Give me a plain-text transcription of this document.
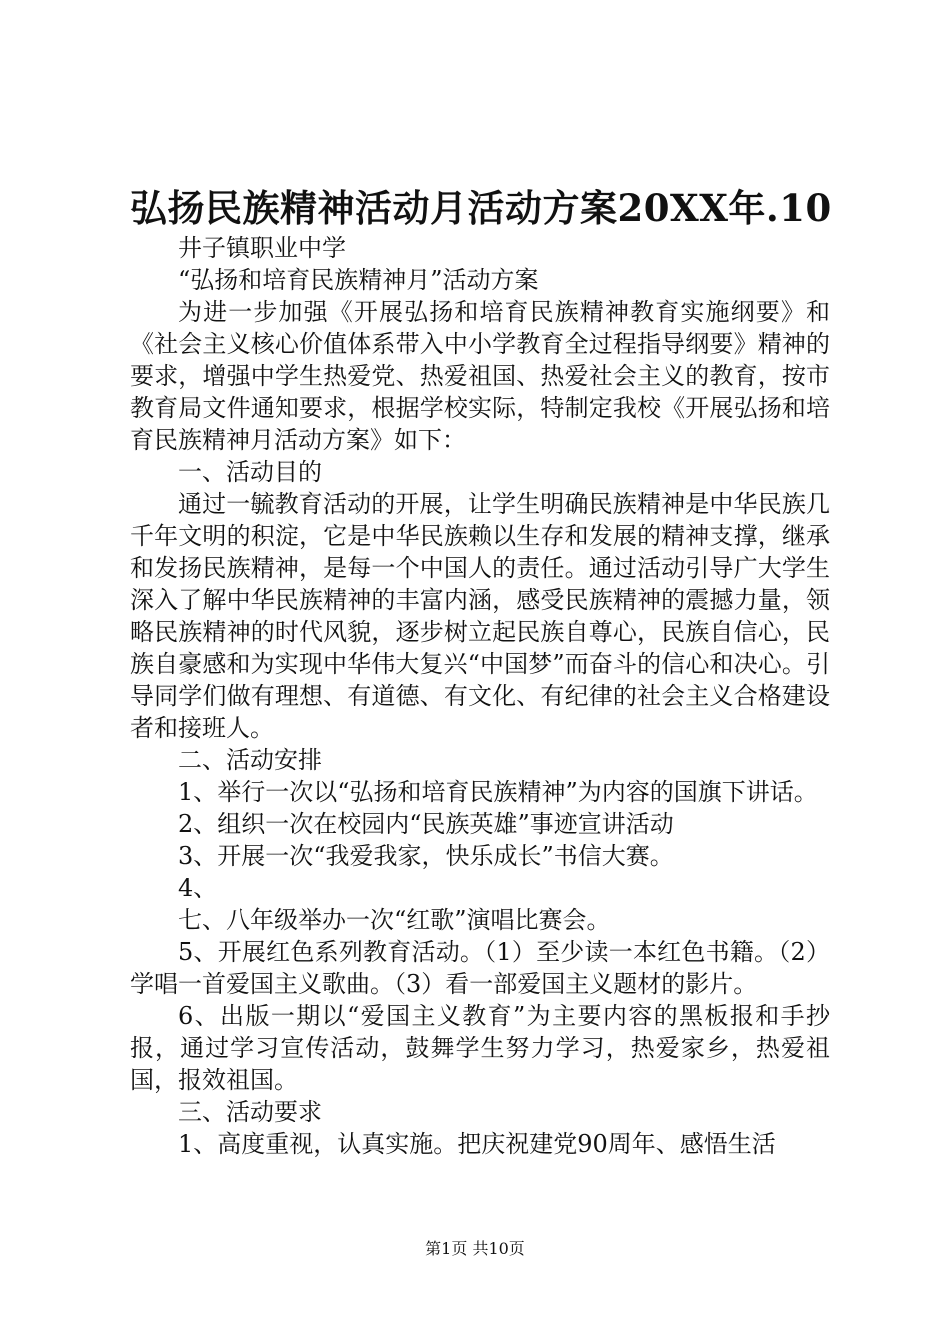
弘扬民族精神活动月活动方案20XX年.10

井子镇职业中学

“弘扬和培育民族精神月”活动方案

为进一步加强《开展弘扬和培育民族精神教育实施纲要》和《社会主义核心价值体系带入中小学教育全过程指导纲要》精神的要求，增强中学生热爱党、热爱祖国、热爱社会主义的教育，按市教育局文件通知要求，根据学校实际，特制定我校《开展弘扬和培育民族精神月活动方案》如下：

一、活动目的

通过一毓教育活动的开展，让学生明确民族精神是中华民族几千年文明的积淀，它是中华民族赖以生存和发展的精神支撑，继承和发扬民族精神，是每一个中国人的责任。通过活动引导广大学生深入了解中华民族精神的丰富内涵，感受民族精神的震撼力量，领略民族精神的时代风貌，逐步树立起民族自尊心，民族自信心，民族自豪感和为实现中华伟大复兴“中国梦”而奋斗的信心和决心。引导同学们做有理想、有道德、有文化、有纪律的社会主义合格建设者和接班人。

二、活动安排

1、举行一次以“弘扬和培育民族精神”为内容的国旗下讲话。

2、组织一次在校园内“民族英雄”事迹宣讲活动

3、开展一次“我爱我家，快乐成长”书信大赛。

4、

七、八年级举办一次“红歌”演唱比赛会。

5、开展红色系列教育活动。（1）至少读一本红色书籍。（2）学唱一首爱国主义歌曲。（3）看一部爱国主义题材的影片。

6、出版一期以“爱国主义教育”为主要内容的黑板报和手抄报，通过学习宣传活动，鼓舞学生努力学习，热爱家乡，热爱祖国，报效祖国。

三、活动要求

1、高度重视，认真实施。把庆祝建党90周年、感悟生活

第1页 共10页
